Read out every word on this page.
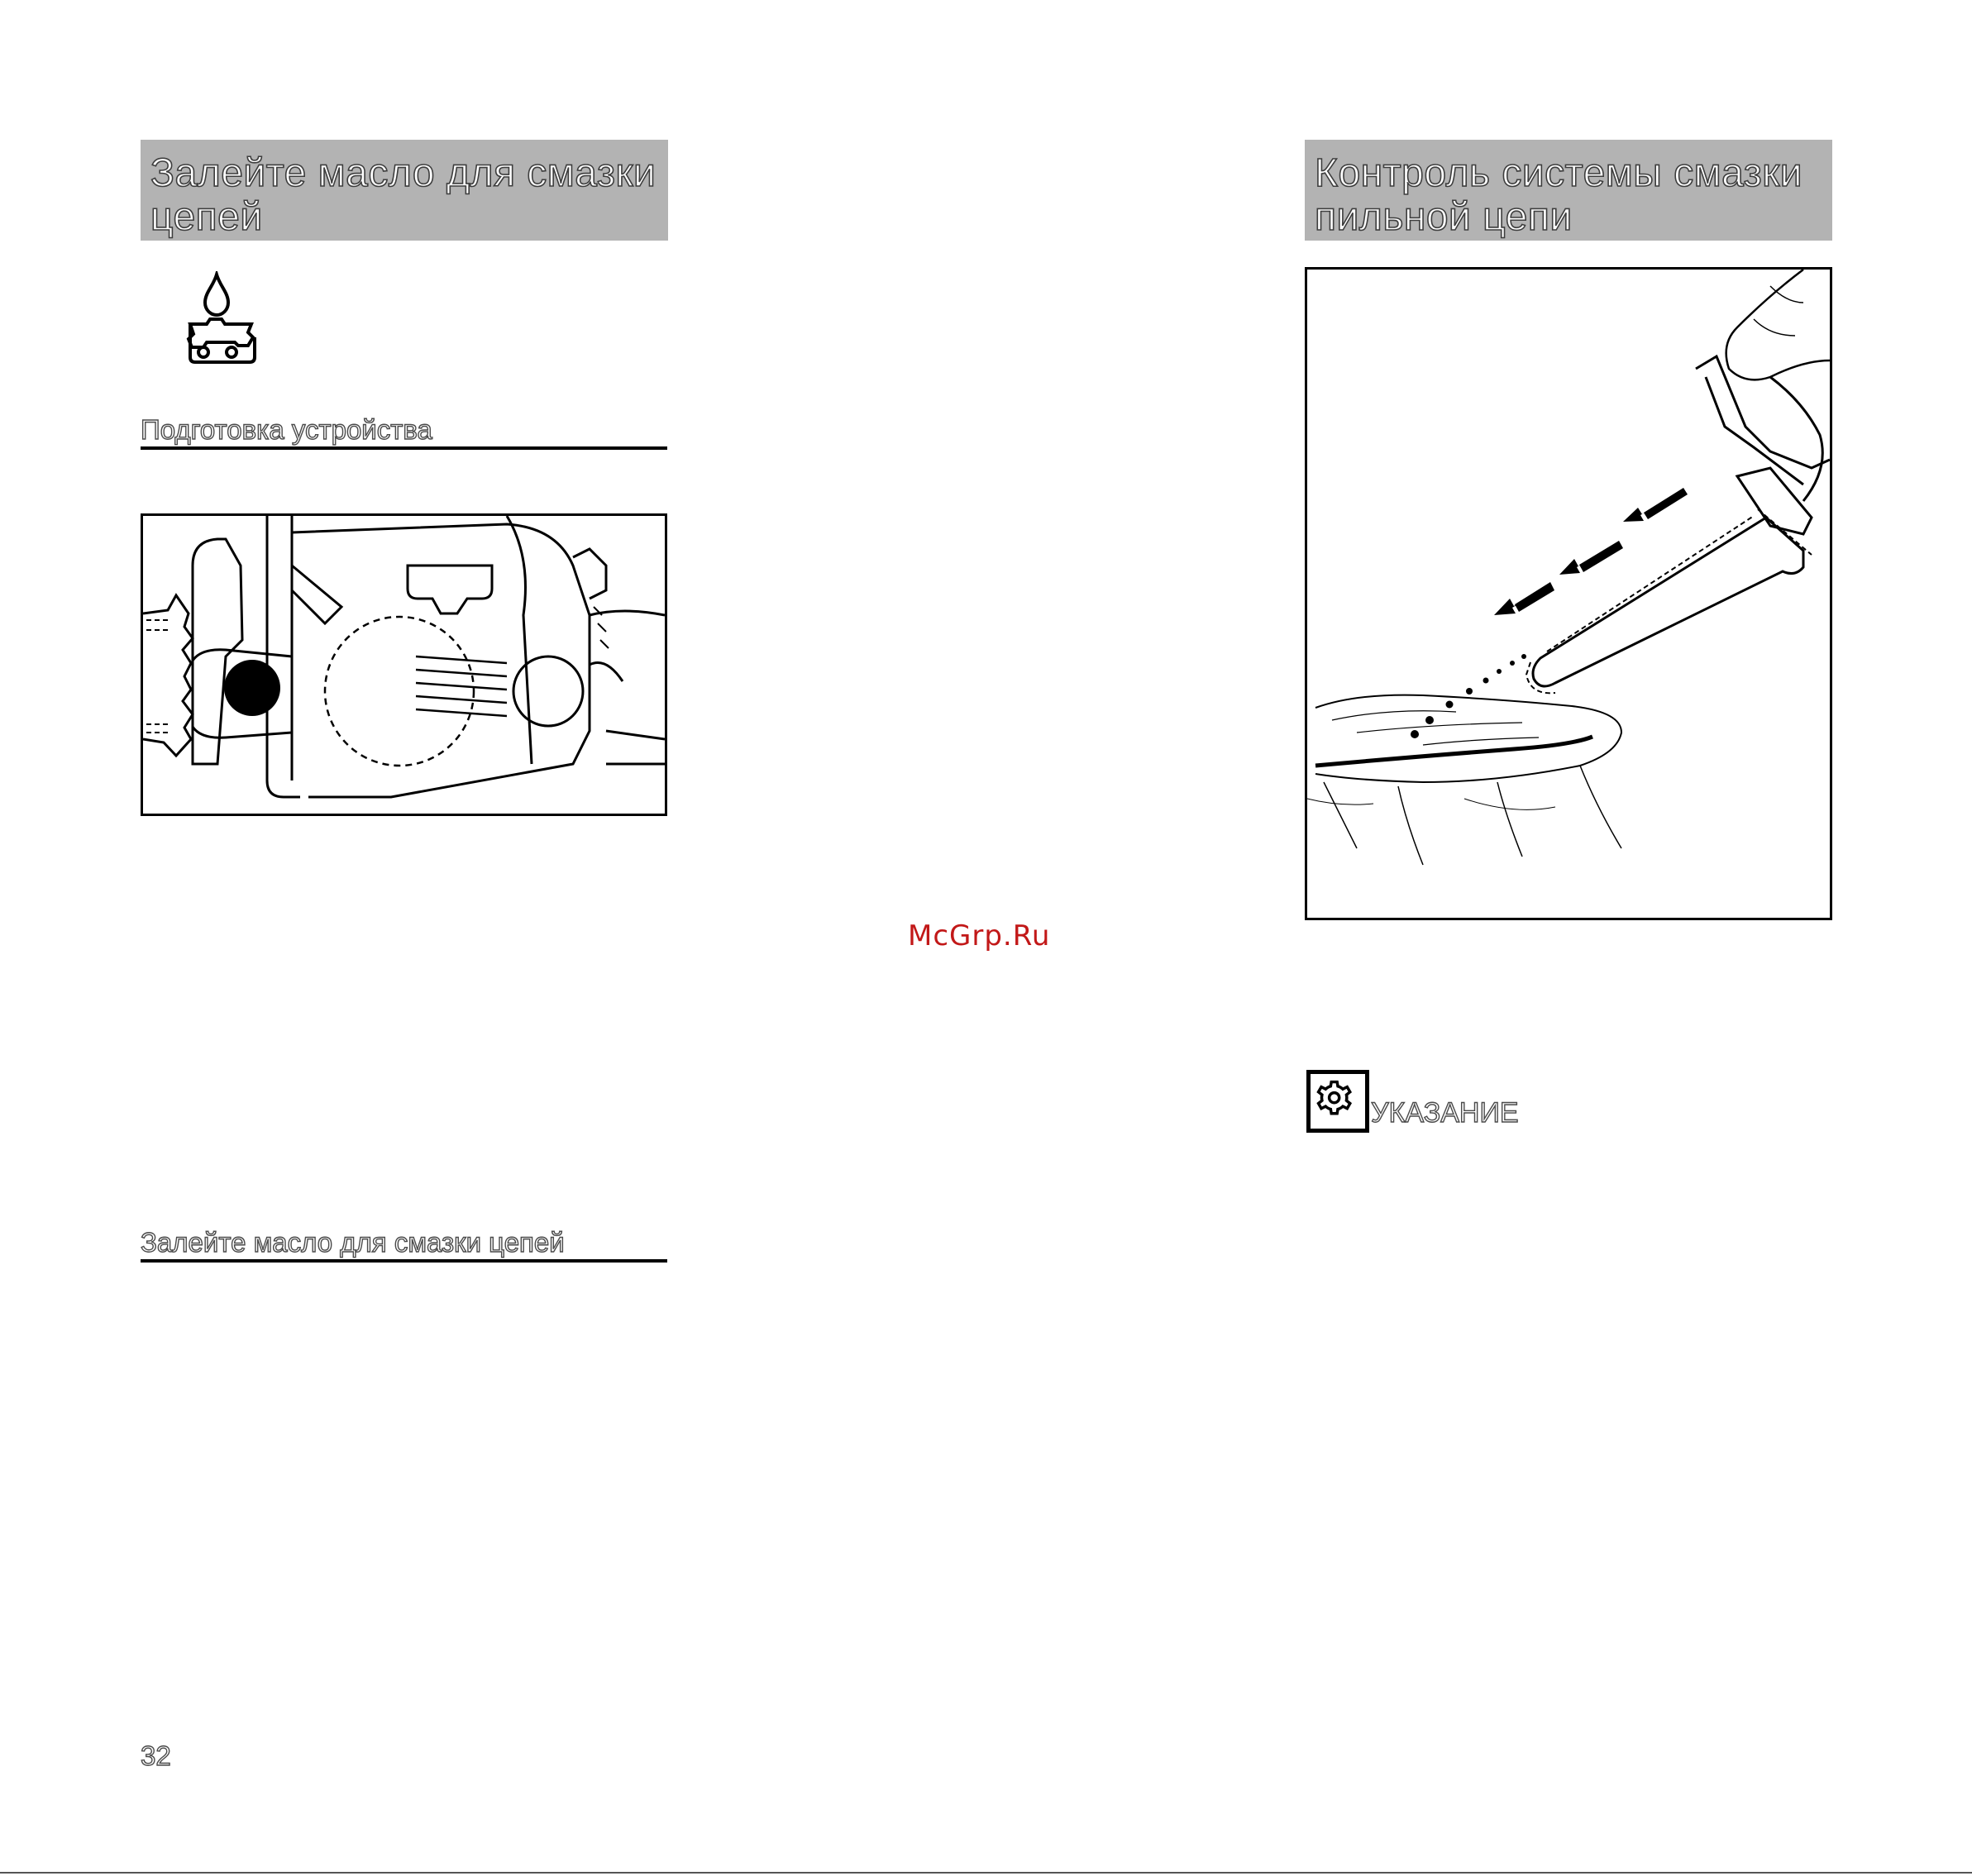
Залейте масло для смазки
цепей
Подготовка устройства
Залейте масло для смазки цепей
32
McGrp.Ru
Контроль системы смазки
пильной цепи
УКАЗАНИЕ
